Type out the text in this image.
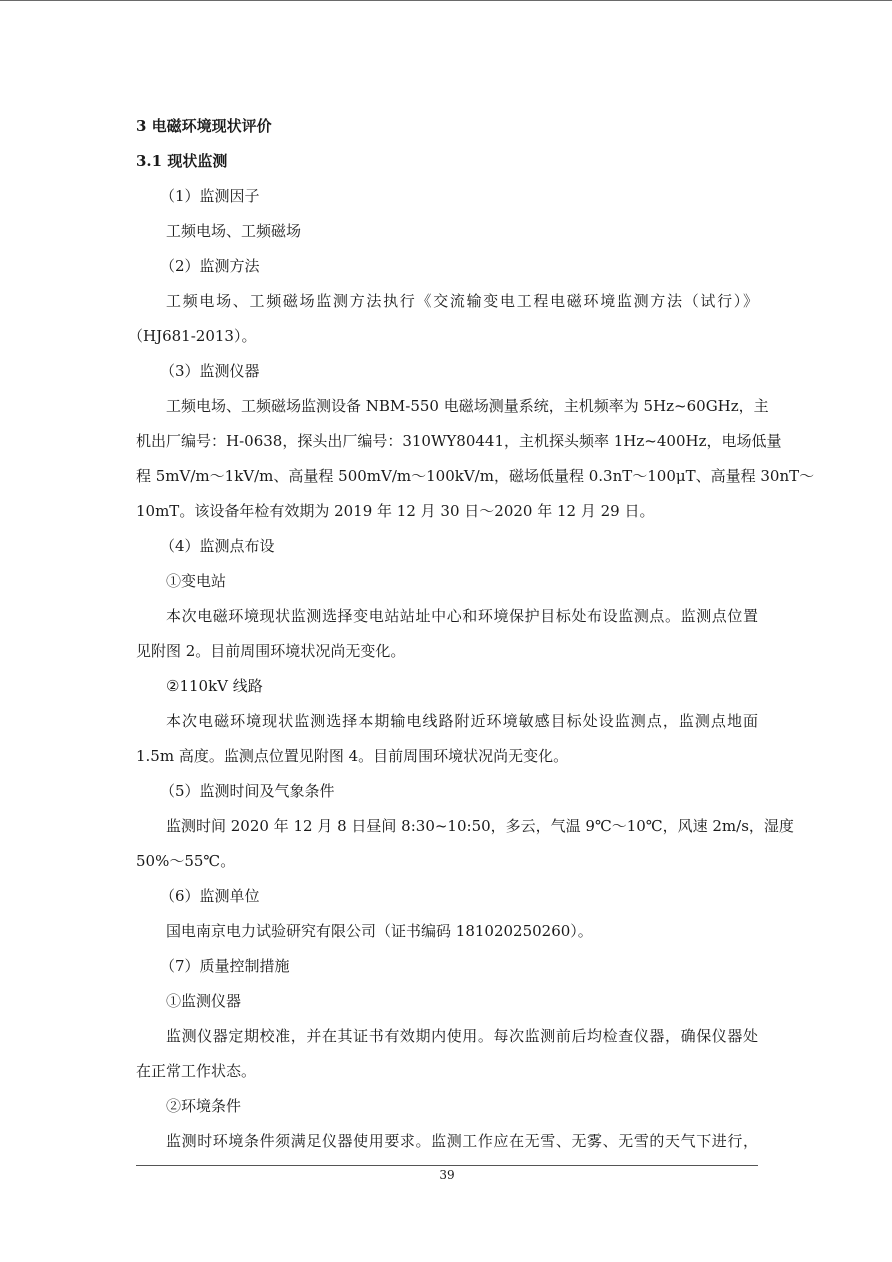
3 电磁环境现状评价
3.1 现状监测
（1）监测因子
工频电场、工频磁场
（2）监测方法
工频电场、工频磁场监测方法执行《交流输变电工程电磁环境监测方法（试行）》
（HJ681-2013）。
（3）监测仪器
工频电场、工频磁场监测设备 NBM-550 电磁场测量系统，主机频率为 5Hz~60GHz，主
机出厂编号：H-0638，探头出厂编号：310WY80441，主机探头频率 1Hz~400Hz，电场低量
程 5mV/m～1kV/m、高量程 500mV/m～100kV/m，磁场低量程 0.3nT～100μT、高量程 30nT～
10mT。该设备年检有效期为 2019 年 12 月 30 日～2020 年 12 月 29 日。
（4）监测点布设
①变电站
本次电磁环境现状监测选择变电站站址中心和环境保护目标处布设监测点。监测点位置
见附图 2。目前周围环境状况尚无变化。
②110kV 线路
本次电磁环境现状监测选择本期输电线路附近环境敏感目标处设监测点，监测点地面
1.5m 高度。监测点位置见附图 4。目前周围环境状况尚无变化。
（5）监测时间及气象条件
监测时间 2020 年 12 月 8 日昼间 8:30~10:50，多云，气温 9℃～10℃，风速 2m/s，湿度
50%～55℃。
（6）监测单位
国电南京电力试验研究有限公司（证书编码 181020250260）。
（7）质量控制措施
①监测仪器
监测仪器定期校准，并在其证书有效期内使用。每次监测前后均检查仪器，确保仪器处
在正常工作状态。
②环境条件
监测时环境条件须满足仪器使用要求。监测工作应在无雪、无雾、无雪的天气下进行，
39
